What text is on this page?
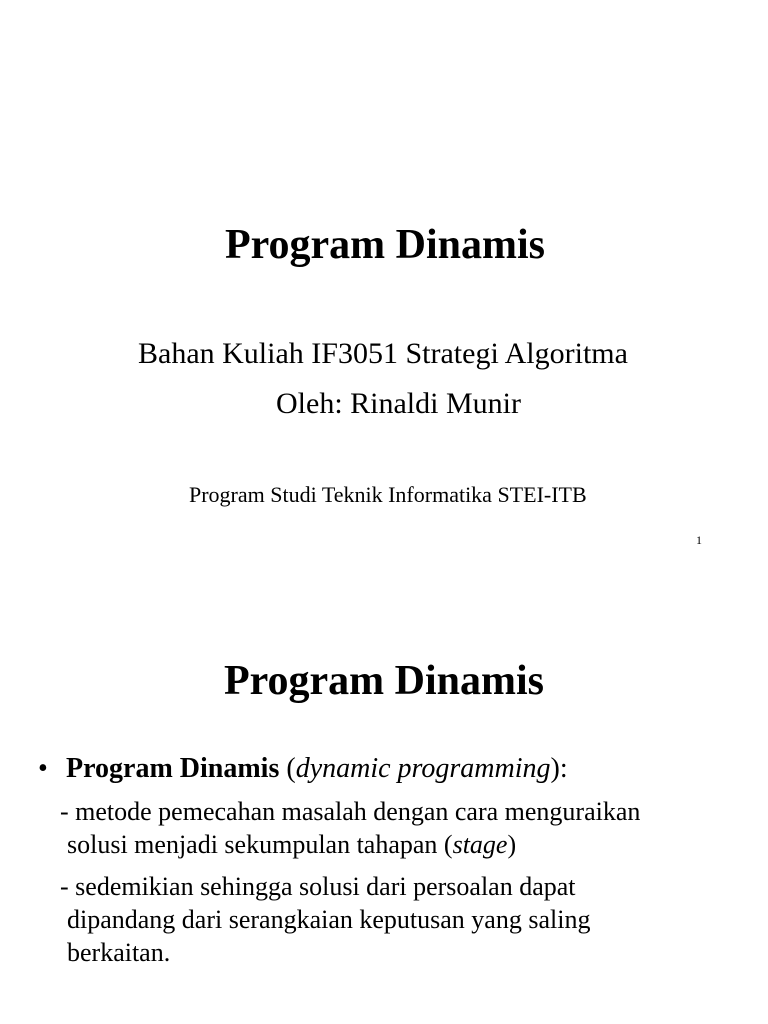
Program Dinamis

Bahan Kuliah IF3051 Strategi Algoritma

Oleh: Rinaldi Munir

Program Studi Teknik Informatika STEI-ITB

1
Program Dinamis
• Program Dinamis (dynamic programming):
- metode pemecahan masalah dengan cara menguraikan
solusi menjadi sekumpulan tahapan (stage)
- sedemikian sehingga solusi dari persoalan dapat
dipandang dari serangkaian keputusan yang saling
berkaitan.
